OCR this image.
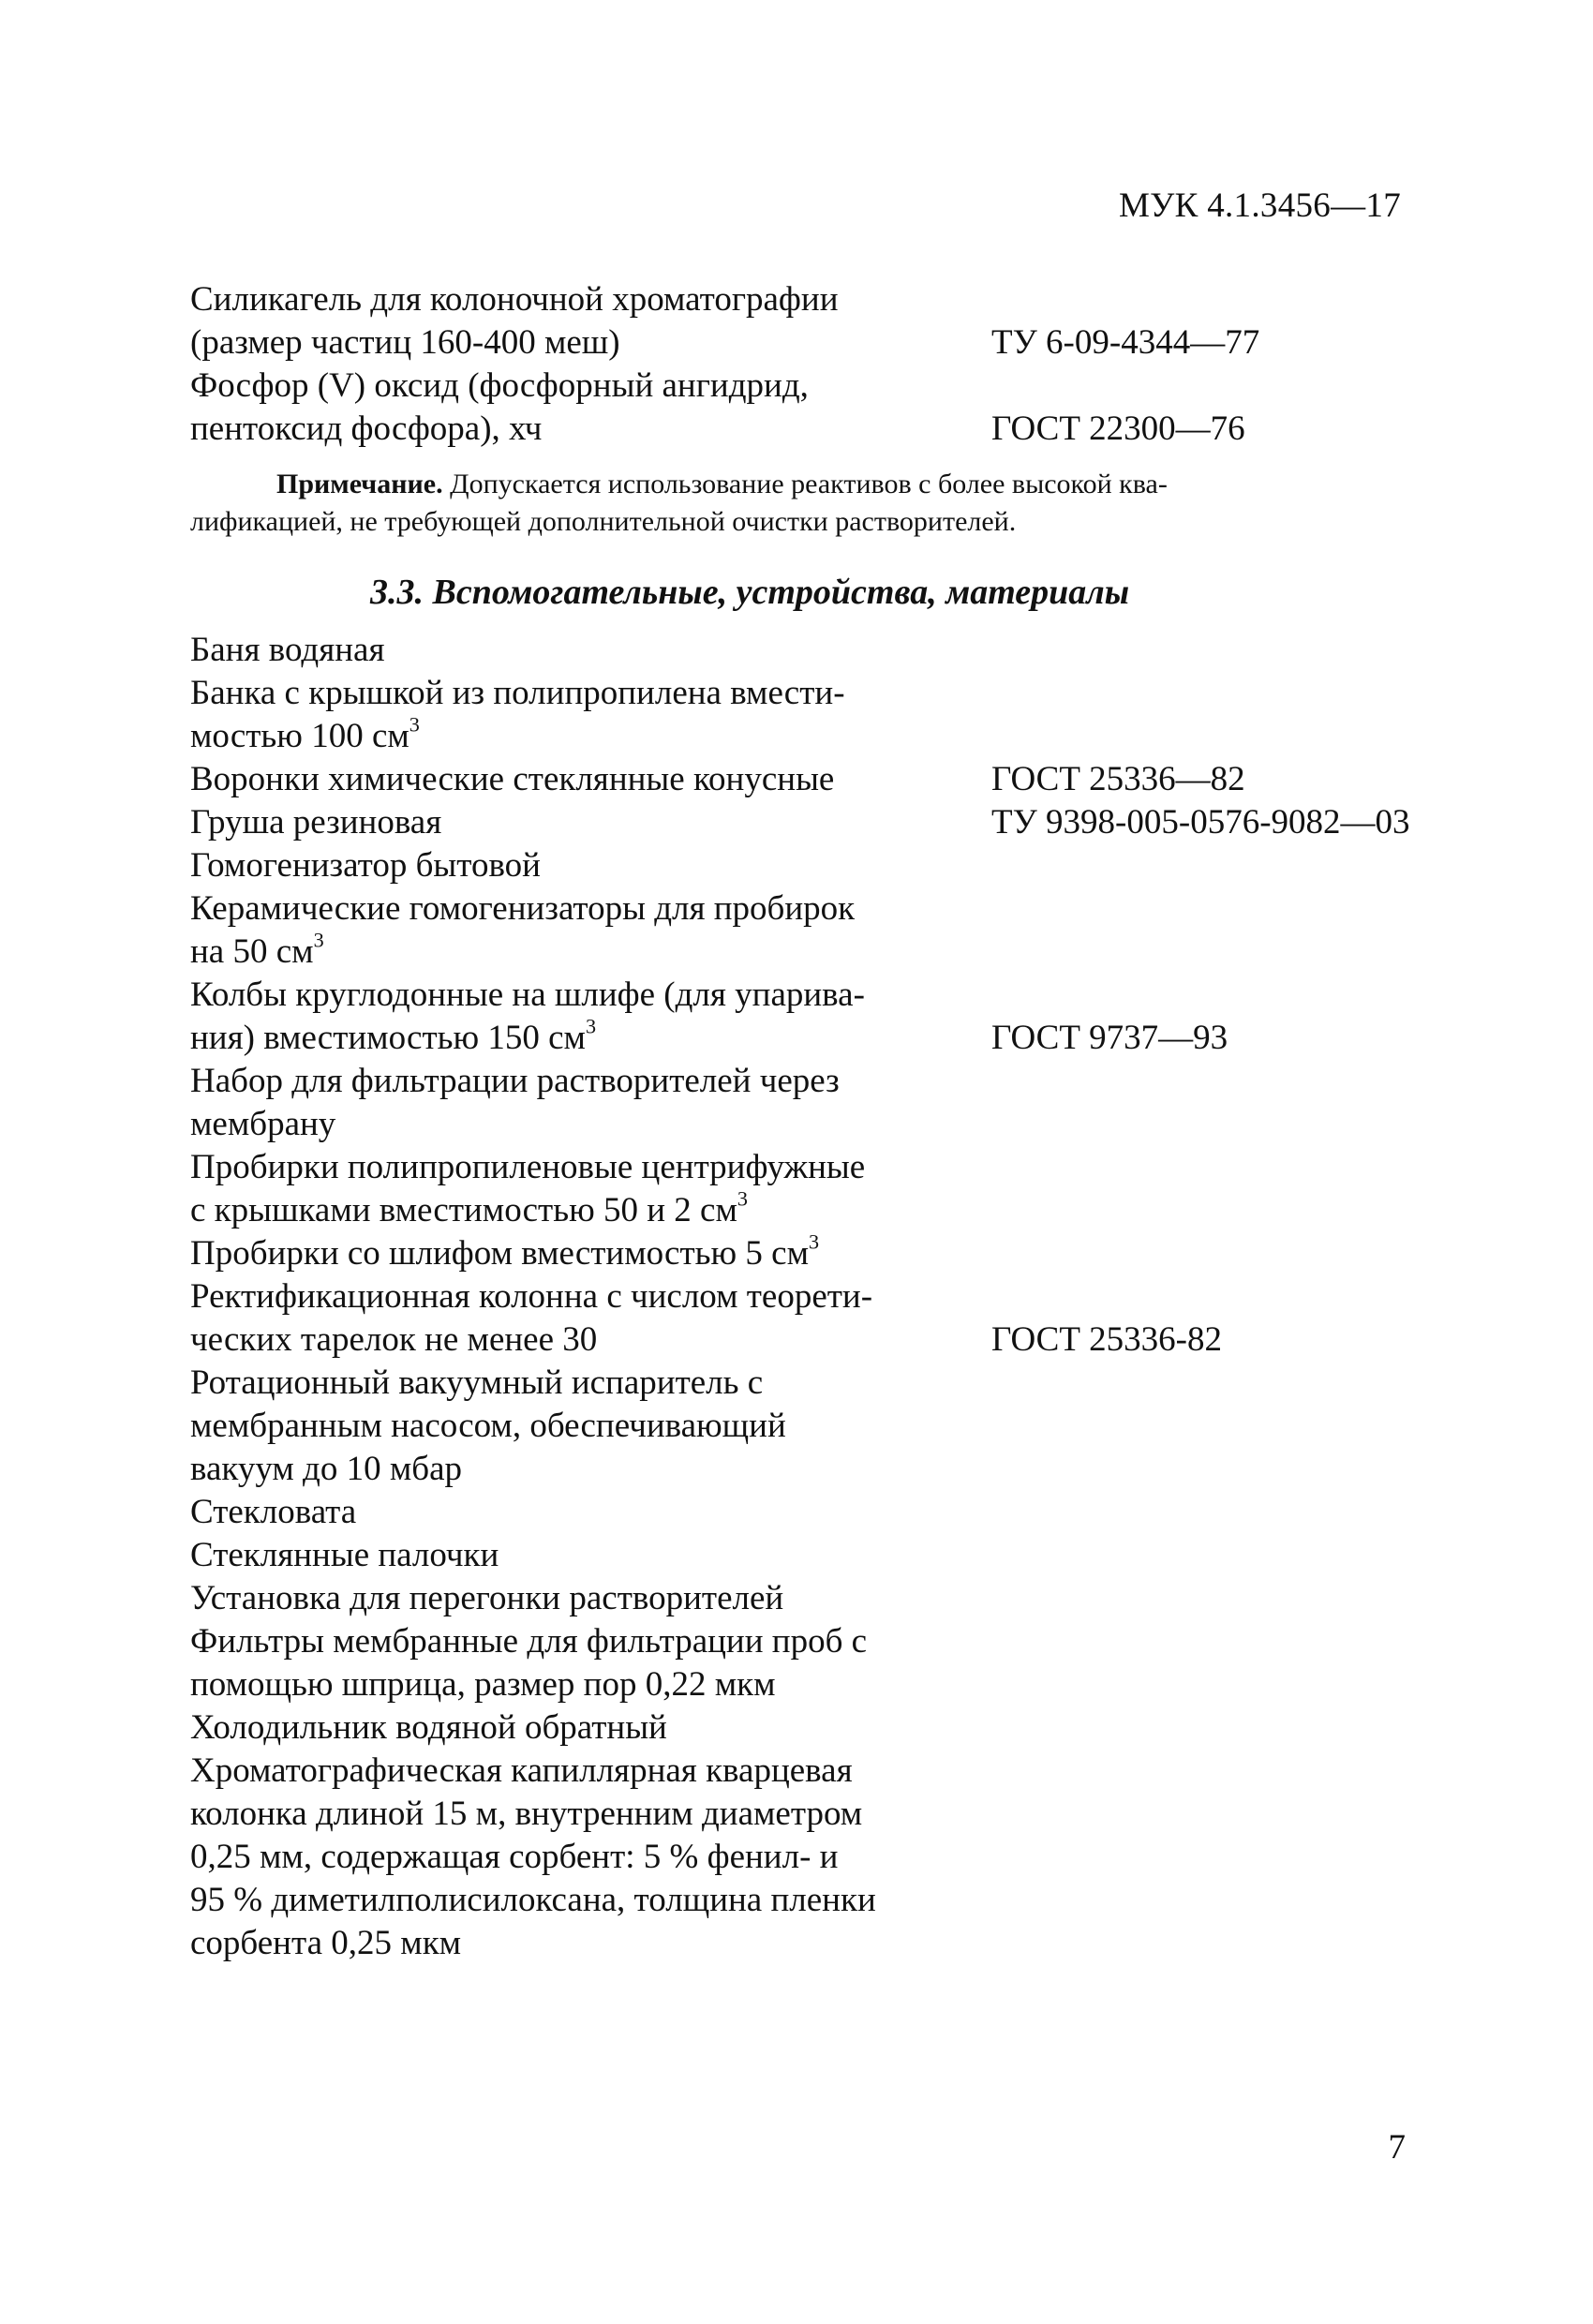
МУК 4.1.3456—17
Силикагель для колоночной хроматографии
(размер частиц 160-400 меш)	ТУ 6-09-4344—77
Фосфор (V) оксид (фосфорный ангидрид,
пентоксид фосфора), хч	ГОСТ 22300—76

Примечание. Допускается использование реактивов с более высокой ква-

лификацией, не требующей дополнительной очистки растворителей.

3.3. Вспомогательные, устройства, материалы
Баня водяная
Банка с крышкой из полипропилена вмести-
мостью 100 $см^3$
Воронки химические стеклянные конусные	ГОСТ 25336—82
Груша резиновая	ТУ 9398-005-0576-9082—03
Гомогенизатор бытовой
Керамические гомогенизаторы для пробирок
на 50 $см^3$
Колбы круглодонные на шлифе (для упарива-
ния) вместимостью 150 $см^3$	ГОСТ 9737—93
Набор для фильтрации растворителей через
мембрану
Пробирки полипропиленовые центрифужные
с крышками вместимостью 50 и 2 $см^3$
Пробирки со шлифом вместимостью 5 $см^3$
Ректификационная колонна с числом теорети-
ческих тарелок не менее 30	ГОСТ 25336-82
Ротационный вакуумный испаритель с
мембранным насосом, обеспечивающий
вакуум до 10 мбар
Стекловата
Стеклянные палочки
Установка для перегонки растворителей
Фильтры мембранные для фильтрации проб с
помощью шприца, размер пор 0,22 мкм
Холодильник водяной обратный
Хроматографическая капиллярная кварцевая
колонка длиной 15 м, внутренним диаметром
0,25 мм, содержащая сорбент: 5 % фенил- и
95 % диметилполисилоксана, толщина пленки
сорбента 0,25 мкм
7
